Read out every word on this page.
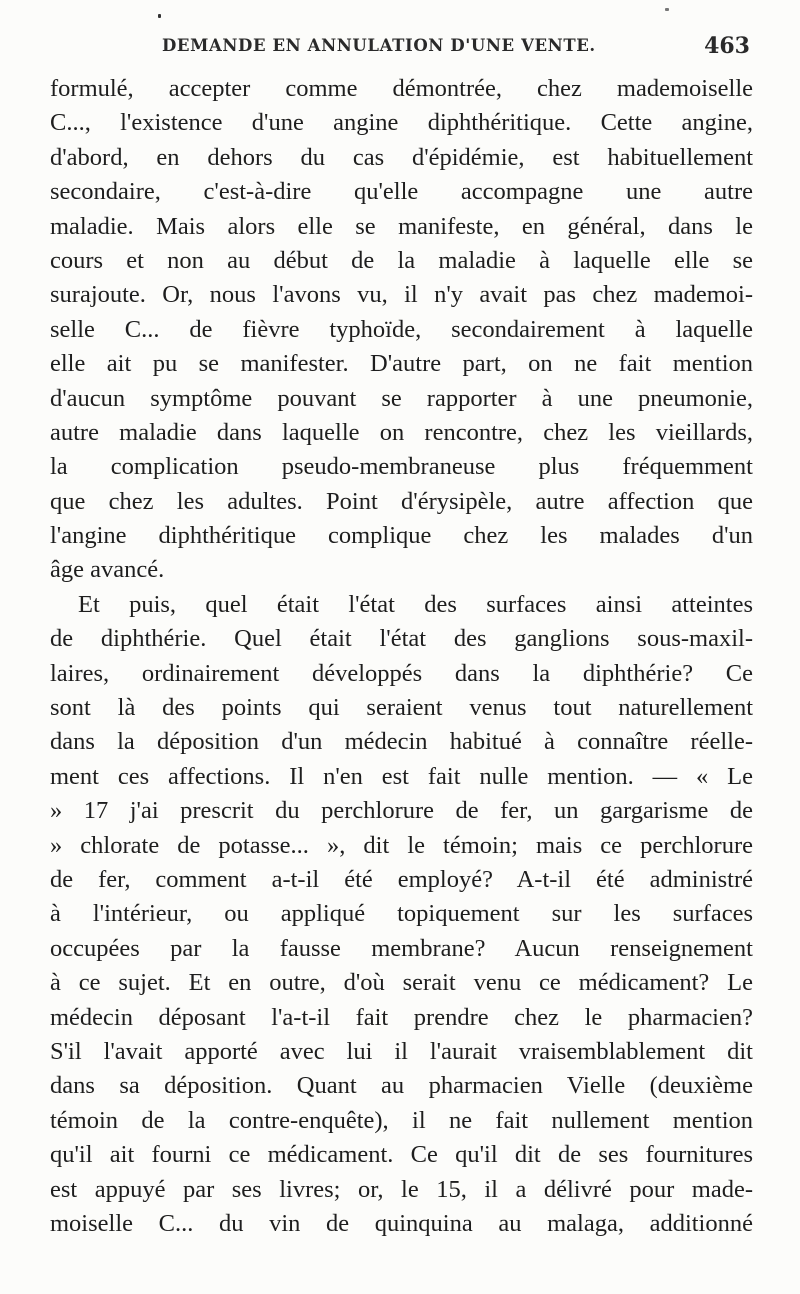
DEMANDE EN ANNULATION D'UNE VENTE.	463
formulé, accepter comme démontrée, chez mademoiselle
C..., l'existence d'une angine diphthéritique. Cette angine,
d'abord, en dehors du cas d'épidémie, est habituellement
secondaire, c'est-à-dire qu'elle accompagne une autre
maladie. Mais alors elle se manifeste, en général, dans le
cours et non au début de la maladie à laquelle elle se
surajoute. Or, nous l'avons vu, il n'y avait pas chez mademoi-
selle C... de fièvre typhoïde, secondairement à laquelle
elle ait pu se manifester. D'autre part, on ne fait mention
d'aucun symptôme pouvant se rapporter à une pneumonie,
autre maladie dans laquelle on rencontre, chez les vieillards,
la complication pseudo-membraneuse plus fréquemment
que chez les adultes. Point d'érysipèle, autre affection que
l'angine diphthéritique complique chez les malades d'un
âge avancé.
Et puis, quel était l'état des surfaces ainsi atteintes
de diphthérie. Quel était l'état des ganglions sous-maxil-
laires, ordinairement développés dans la diphthérie? Ce
sont là des points qui seraient venus tout naturellement
dans la déposition d'un médecin habitué à connaître réelle-
ment ces affections. Il n'en est fait nulle mention. — « Le
» 17 j'ai prescrit du perchlorure de fer, un gargarisme de
» chlorate de potasse... », dit le témoin; mais ce perchlorure
de fer, comment a-t-il été employé? A-t-il été administré
à l'intérieur, ou appliqué topiquement sur les surfaces
occupées par la fausse membrane? Aucun renseignement
à ce sujet. Et en outre, d'où serait venu ce médicament? Le
médecin déposant l'a-t-il fait prendre chez le pharmacien?
S'il l'avait apporté avec lui il l'aurait vraisemblablement dit
dans sa déposition. Quant au pharmacien Vielle (deuxième
témoin de la contre-enquête), il ne fait nullement mention
qu'il ait fourni ce médicament. Ce qu'il dit de ses fournitures
est appuyé par ses livres; or, le 15, il a délivré pour made-
moiselle C... du vin de quinquina au malaga, additionné
